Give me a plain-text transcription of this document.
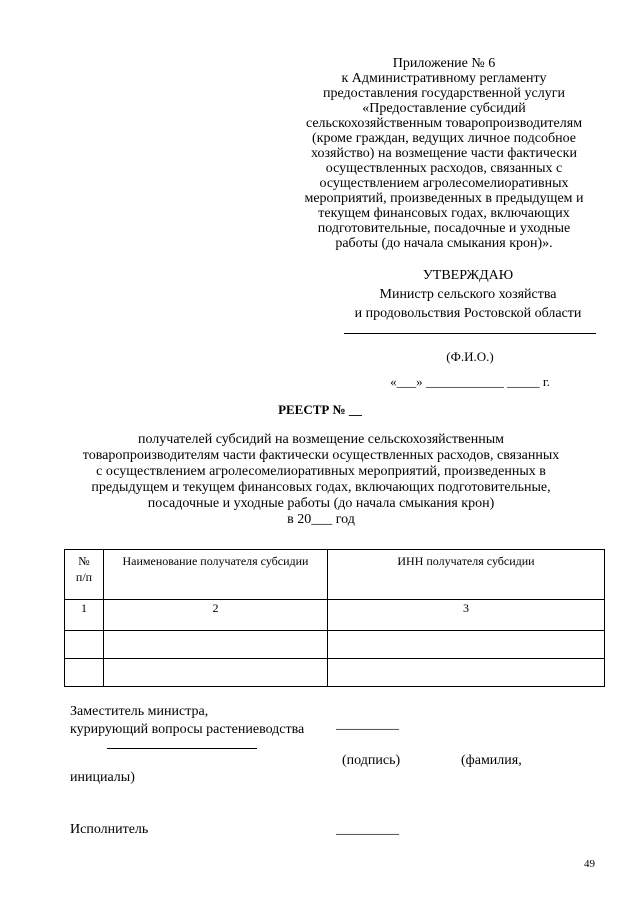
Приложение № 6
к Административному регламенту
предоставления государственной услуги
«Предоставление субсидий
сельскохозяйственным товаропроизводителям
(кроме граждан, ведущих личное подсобное
хозяйство) на возмещение части фактически
осуществленных расходов, связанных с
осуществлением агролесомелиоративных
мероприятий, произведенных в предыдущем и
текущем финансовых годах, включающих
подготовительные, посадочные и уходные
работы (до начала смыкания крон)».
УТВЕРЖДАЮ
Министр сельского хозяйства
и продовольствия Ростовской области
(Ф.И.О.)
«___» ____________ _____ г.
РЕЕСТР № __
получателей субсидий на возмещение сельскохозяйственным
товаропроизводителям части фактически осуществленных расходов, связанных
с осуществлением агролесомелиоративных мероприятий, произведенных в
предыдущем и текущем финансовых годах, включающих подготовительные,
посадочные и уходные работы (до начала смыкания крон)
в 20___ год
№
п/п	Наименование получателя субсидии	ИНН получателя субсидии
1	2	3

Заместитель министра,
курирующий вопросы растениеводства _________
(подпись)	(фамилия,
инициалы)
Исполнитель	_________
49
